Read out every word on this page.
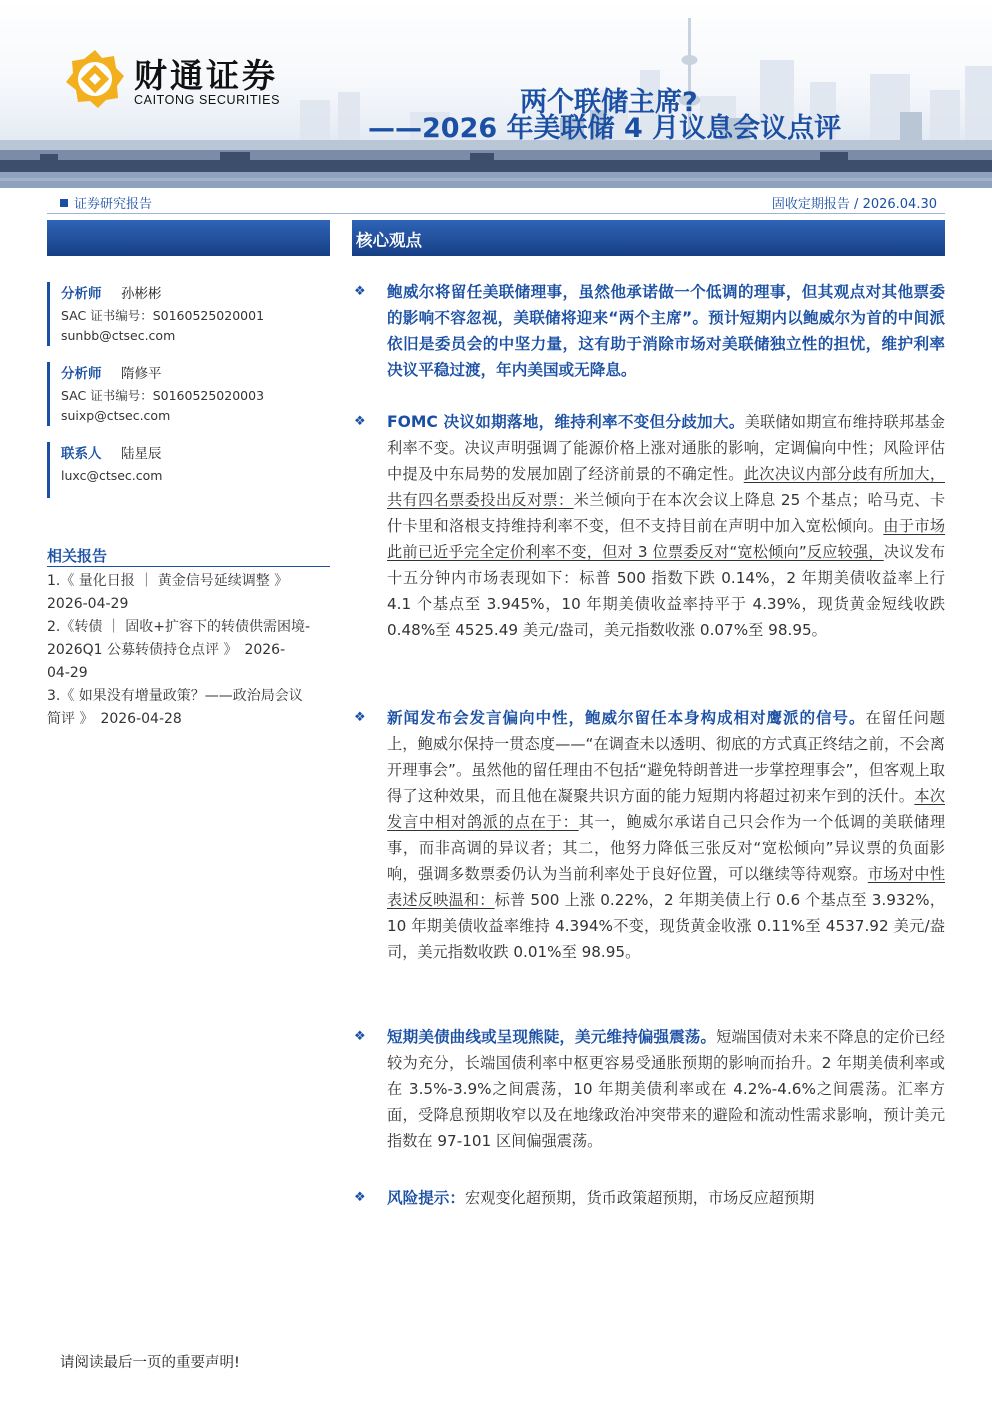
财通证券
CAITONG SECURITIES	两个联储主席?
——2026 年美联储 4 月议息会议点评
证券研究报告	固收定期报告 / 2026.04.30
分析师 孙彬彬
SAC 证书编号：S0160525020001
sunbb@ctsec.com
分析师 隋修平
SAC 证书编号：S0160525020003
suixp@ctsec.com
联系人 陆星辰
luxc@ctsec.com
相关报告
1.《 量化日报 ｜ 黄金信号延续调整 》
2026-04-29
2.《转债 ｜ 固收+扩容下的转债供需困境-
2026Q1 公募转债持仓点评 》　2026-
04-29
3.《 如果没有增量政策？——政治局会议
简评 》　2026-04-28
核心观点
❖ 鲍威尔将留任美联储理事，虽然他承诺做一个低调的理事，但其观点对其他票委的影响不容忽视，美联储将迎来“两个主席”。预计短期内以鲍威尔为首的中间派依旧是委员会的中坚力量，这有助于消除市场对美联储独立性的担忧，维护利率决议平稳过渡，年内美国或无降息。
❖ FOMC 决议如期落地，维持利率不变但分歧加大。美联储如期宣布维持联邦基金利率不变。决议声明强调了能源价格上涨对通胀的影响，定调偏向中性；风险评估中提及中东局势的发展加剧了经济前景的不确定性。此次决议内部分歧有所加大，共有四名票委投出反对票：米兰倾向于在本次会议上降息 25 个基点；哈马克、卡什卡里和洛根支持维持利率不变，但不支持目前在声明中加入宽松倾向。由于市场此前已近乎完全定价利率不变，但对 3 位票委反对“宽松倾向”反应较强，决议发布十五分钟内市场表现如下：标普 500 指数下跌 0.14%，2 年期美债收益率上行 4.1 个基点至 3.945%，10 年期美债收益率持平于 4.39%，现货黄金短线收跌 0.48%至 4525.49 美元/盎司，美元指数收涨 0.07%至 98.95。
❖ 新闻发布会发言偏向中性，鲍威尔留任本身构成相对鹰派的信号。在留任问题上，鲍威尔保持一贯态度——“在调查未以透明、彻底的方式真正终结之前，不会离开理事会”。虽然他的留任理由不包括“避免特朗普进一步掌控理事会”，但客观上取得了这种效果，而且他在凝聚共识方面的能力短期内将超过初来乍到的沃什。本次发言中相对鸽派的点在于：其一，鲍威尔承诺自己只会作为一个低调的美联储理事，而非高调的异议者；其二，他努力降低三张反对“宽松倾向”异议票的负面影响，强调多数票委仍认为当前利率处于良好位置，可以继续等待观察。市场对中性表述反映温和：标普 500 上涨 0.22%，2 年期美债上行 0.6 个基点至 3.932%，10 年期美债收益率维持 4.394%不变，现货黄金收涨 0.11%至 4537.92 美元/盎司，美元指数收跌 0.01%至 98.95。
❖ 短期美债曲线或呈现熊陡，美元维持偏强震荡。短端国债对未来不降息的定价已经较为充分，长端国债利率中枢更容易受通胀预期的影响而抬升。2 年期美债利率或在 3.5%-3.9%之间震荡，10 年期美债利率或在 4.2%-4.6%之间震荡。汇率方面，受降息预期收窄以及在地缘政治冲突带来的避险和流动性需求影响，预计美元指数在 97-101 区间偏强震荡。
❖ 风险提示：宏观变化超预期，货币政策超预期，市场反应超预期
请阅读最后一页的重要声明!
